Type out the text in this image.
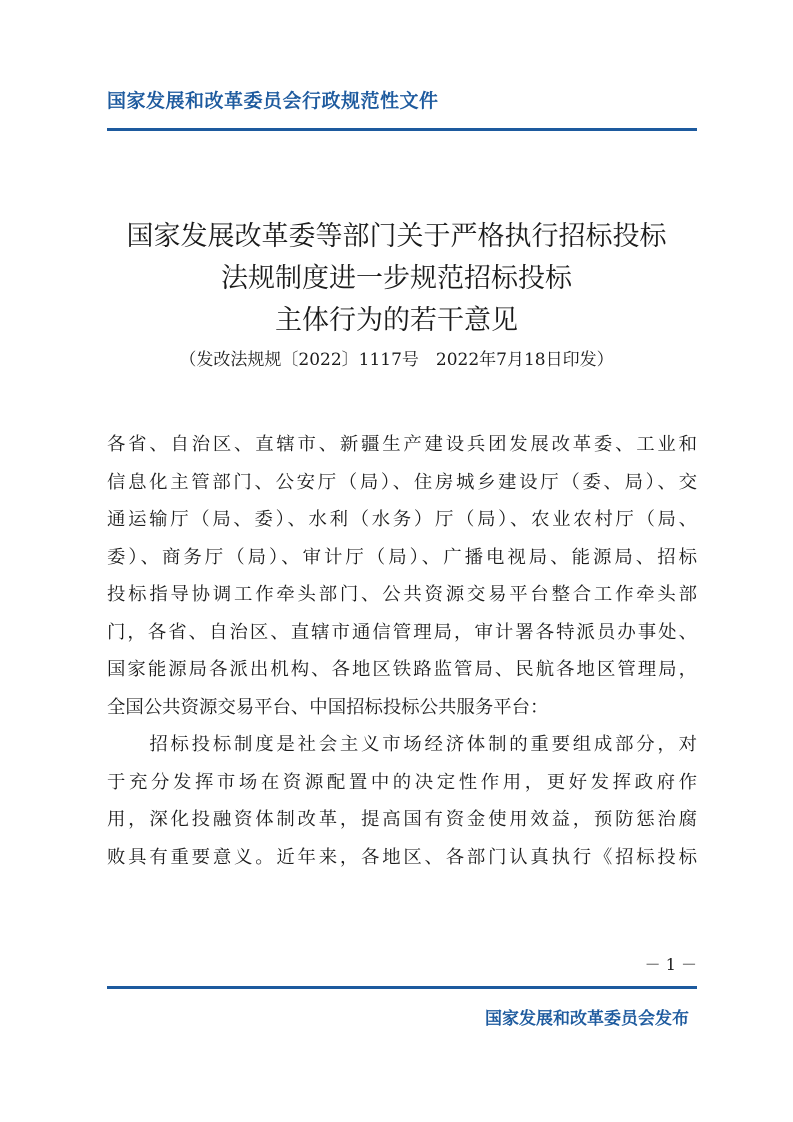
国家发展和改革委员会行政规范性文件
国家发展改革委等部门关于严格执行招标投标
法规制度进一步规范招标投标
主体行为的若干意见
（发改法规规〔2022〕1117号　2022年7月18日印发）
各省、自治区、直辖市、新疆生产建设兵团发展改革委、工业和
信息化主管部门、公安厅（局）、住房城乡建设厅（委、局）、交
通运输厅（局、委）、水利（水务）厅（局）、农业农村厅（局、
委）、商务厅（局）、审计厅（局）、广播电视局、能源局、招标
投标指导协调工作牵头部门、公共资源交易平台整合工作牵头部
门，各省、自治区、直辖市通信管理局，审计署各特派员办事处、
国家能源局各派出机构、各地区铁路监管局、民航各地区管理局，
全国公共资源交易平台、中国招标投标公共服务平台：
　　招标投标制度是社会主义市场经济体制的重要组成部分，对
于充分发挥市场在资源配置中的决定性作用，更好发挥政府作
用，深化投融资体制改革，提高国有资金使用效益，预防惩治腐
败具有重要意义。近年来，各地区、各部门认真执行《招标投标
－ 1 －
国家发展和改革委员会发布
